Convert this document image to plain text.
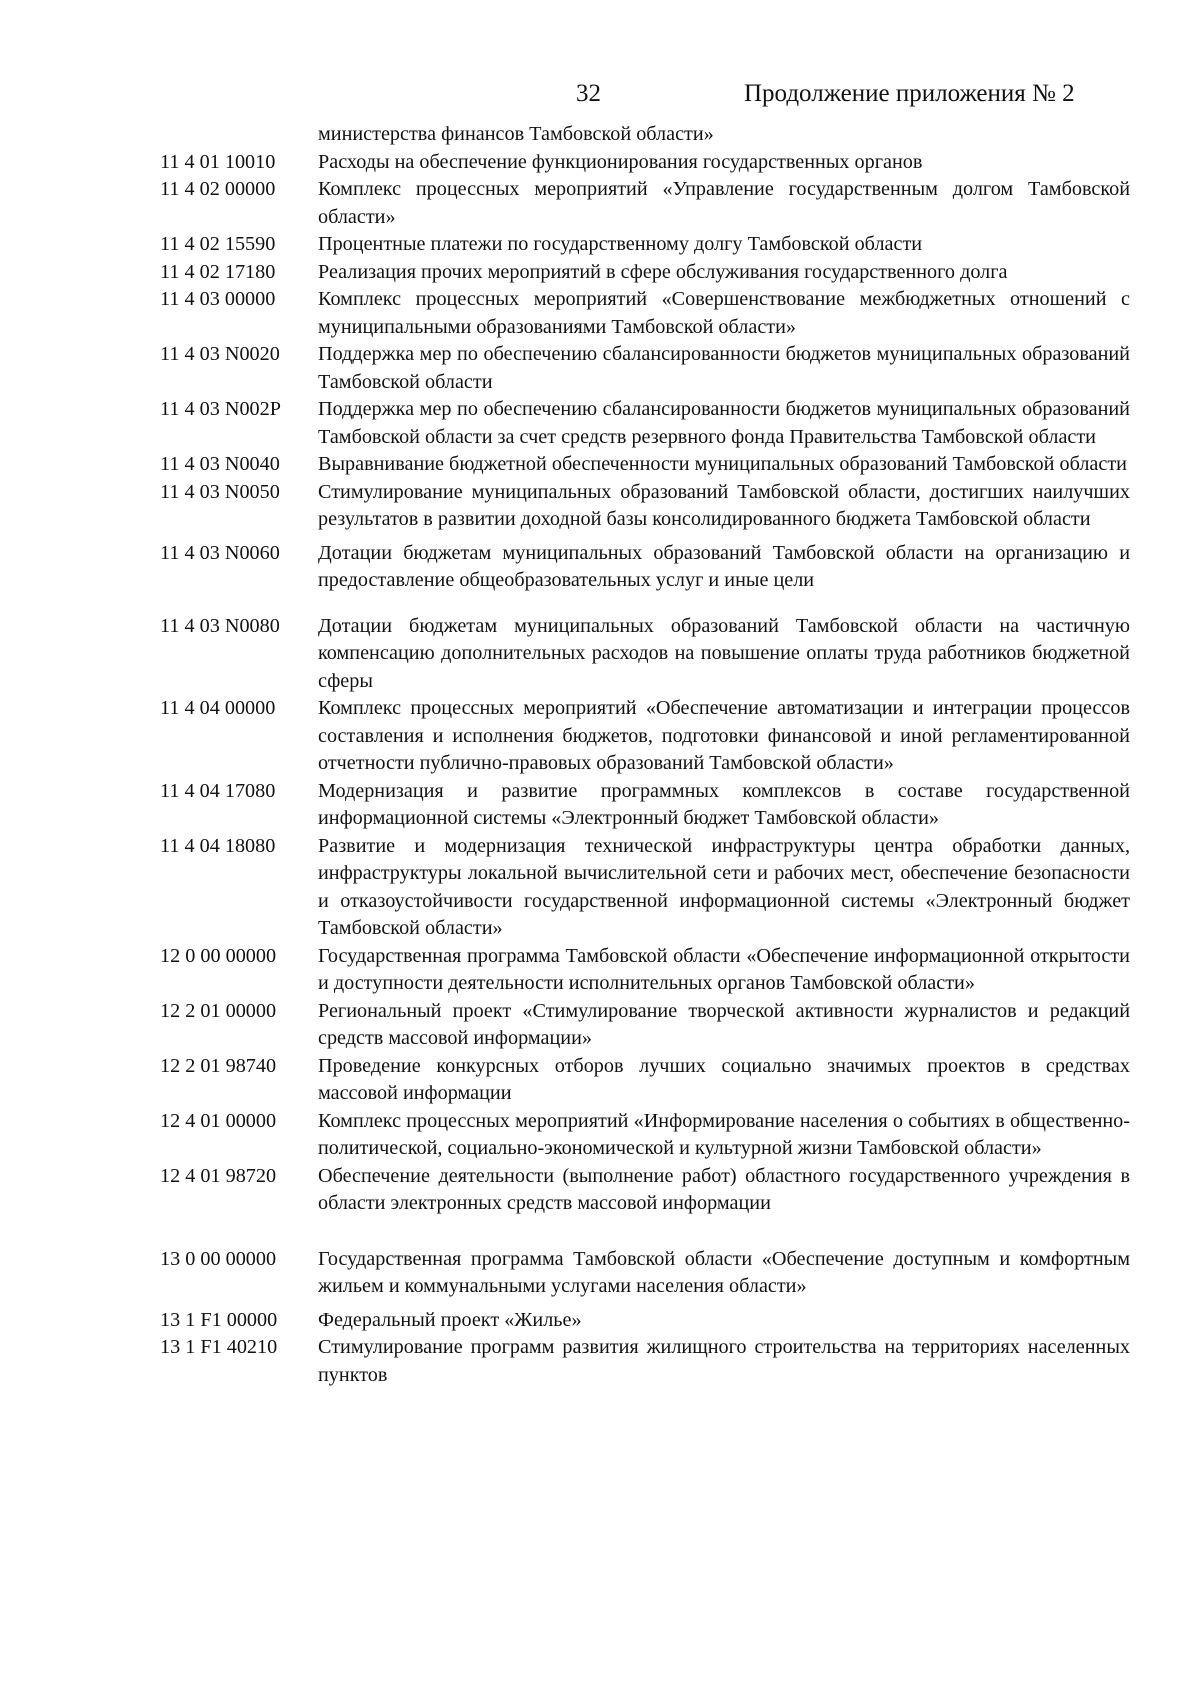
32	Продолжение приложения № 2
министерства финансов Тамбовской области»
11 4 01 10010	Расходы на обеспечение функционирования государственных органов
11 4 02 00000	Комплекс процессных мероприятий «Управление государственным долгом Тамбовской области»
11 4 02 15590	Процентные платежи по государственному долгу Тамбовской области
11 4 02 17180	Реализация прочих мероприятий в сфере обслуживания государственного долга
11 4 03 00000	Комплекс процессных мероприятий «Совершенствование межбюджетных отношений с муниципальными образованиями Тамбовской области»
11 4 03 N0020	Поддержка мер по обеспечению сбалансированности бюджетов муниципальных образований Тамбовской области
11 4 03 N002P	Поддержка мер по обеспечению сбалансированности бюджетов муниципальных образований Тамбовской области за счет средств резервного фонда Правительства Тамбовской области
11 4 03 N0040	Выравнивание бюджетной обеспеченности муниципальных образований Тамбовской области
11 4 03 N0050	Стимулирование муниципальных образований Тамбовской области, достигших наилучших результатов в развитии доходной базы консолидированного бюджета Тамбовской области
11 4 03 N0060	Дотации бюджетам муниципальных образований Тамбовской области на организацию и предоставление общеобразовательных услуг и иные цели
11 4 03 N0080	Дотации бюджетам муниципальных образований Тамбовской области на частичную компенсацию дополнительных расходов на повышение оплаты труда работников бюджетной сферы
11 4 04 00000	Комплекс процессных мероприятий «Обеспечение автоматизации и интеграции процессов составления и исполнения бюджетов, подготовки финансовой и иной регламентированной отчетности публично-правовых образований Тамбовской области»
11 4 04 17080	Модернизация и развитие программных комплексов в составе государственной информационной системы «Электронный бюджет Тамбовской области»
11 4 04 18080	Развитие и модернизация технической инфраструктуры центра обработки данных, инфраструктуры локальной вычислительной сети и рабочих мест, обеспечение безопасности и отказоустойчивости государственной информационной системы «Электронный бюджет Тамбовской области»
12 0 00 00000	Государственная программа Тамбовской области «Обеспечение информационной открытости и доступности деятельности исполнительных органов Тамбовской области»
12 2 01 00000	Региональный проект «Стимулирование творческой активности журналистов и редакций средств массовой информации»
12 2 01 98740	Проведение конкурсных отборов лучших социально значимых проектов в средствах массовой информации
12 4 01 00000	Комплекс процессных мероприятий «Информирование населения о событиях в общественно-политической, социально-экономической и культурной жизни Тамбовской области»
12 4 01 98720	Обеспечение деятельности (выполнение работ) областного государственного учреждения в области электронных средств массовой информации
13 0 00 00000	Государственная программа Тамбовской области «Обеспечение доступным и комфортным жильем и коммунальными услугами населения области»
13 1 F1 00000	Федеральный проект «Жилье»
13 1 F1 40210	Стимулирование программ развития жилищного строительства на территориях населенных пунктов
